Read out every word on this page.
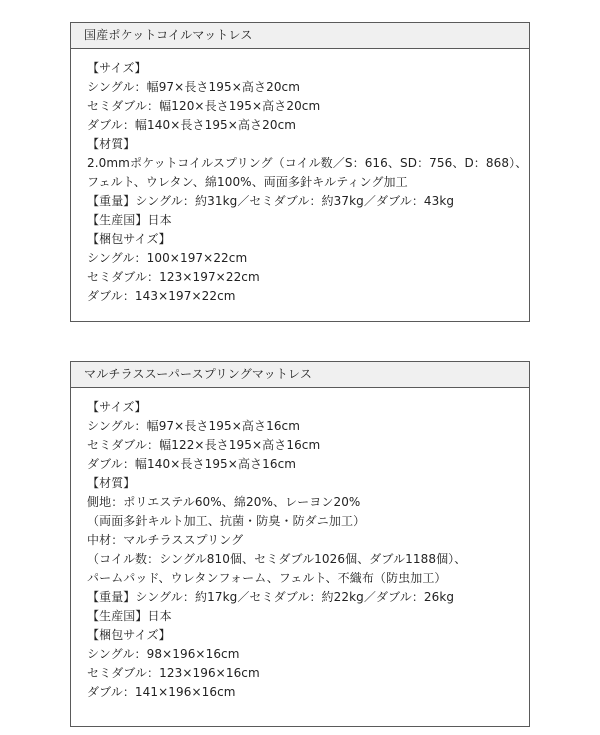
国産ポケットコイルマットレス
【サイズ】
シングル：幅97×長さ195×高さ20cm
セミダブル：幅120×長さ195×高さ20cm
ダブル：幅140×長さ195×高さ20cm
【材質】
2.0mmポケットコイルスプリング（コイル数／S：616、SD：756、D：868）、
フェルト、ウレタン、綿100%、両面多針キルティング加工
【重量】シングル：約31kg／セミダブル：約37kg／ダブル：43kg
【生産国】日本
【梱包サイズ】
シングル：100×197×22cm
セミダブル：123×197×22cm
ダブル：143×197×22cm
マルチラススーパースプリングマットレス
【サイズ】
シングル：幅97×長さ195×高さ16cm
セミダブル：幅122×長さ195×高さ16cm
ダブル：幅140×長さ195×高さ16cm
【材質】
側地：ポリエステル60%、綿20%、レーヨン20%
（両面多針キルト加工、抗菌・防臭・防ダニ加工）
中材：マルチラススプリング
（コイル数：シングル810個、セミダブル1026個、ダブル1188個）、
パームパッド、ウレタンフォーム、フェルト、不織布（防虫加工）
【重量】シングル：約17kg／セミダブル：約22kg／ダブル：26kg
【生産国】日本
【梱包サイズ】
シングル：98×196×16cm
セミダブル：123×196×16cm
ダブル：141×196×16cm
